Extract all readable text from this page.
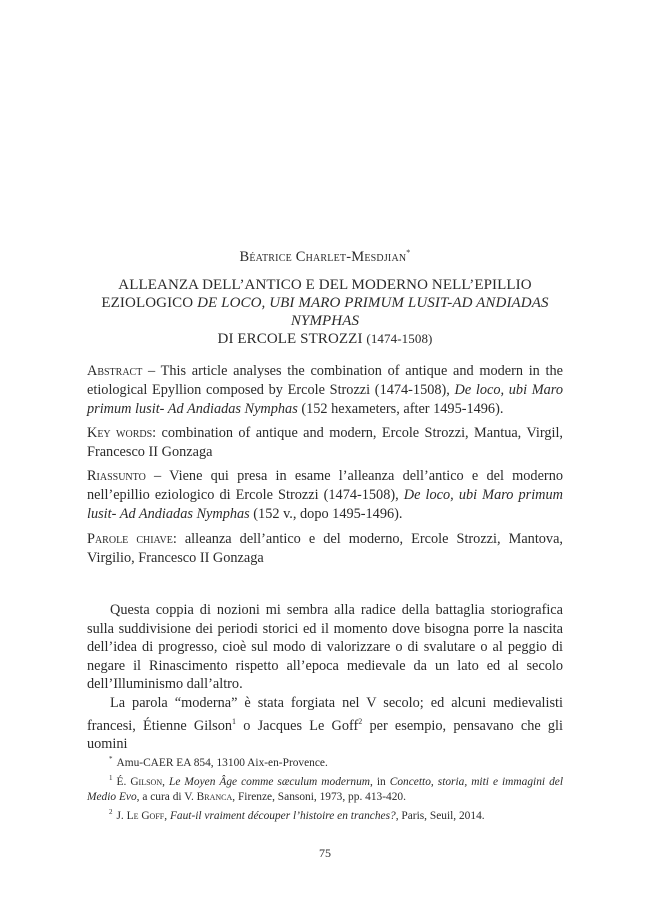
Béatrice Charlet-Mesdjian*
ALLEANZA DELL’ANTICO E DEL MODERNO NELL’EPILLIO
EZIOLOGICO DE LOCO, UBI MARO PRIMUM LUSIT-AD ANDIADAS NYMPHAS
DI ERCOLE STROZZI (1474-1508)
Abstract – This article analyses the combination of antique and modern in the etiological Epyllion composed by Ercole Strozzi (1474-1508), De loco, ubi Maro primum lusit- Ad Andiadas Nymphas (152 hexameters, after 1495-1496).
Key words: combination of antique and modern, Ercole Strozzi, Mantua, Virgil, Francesco II Gonzaga
Riassunto – Viene qui presa in esame l’alleanza dell’antico e del moderno nell’epillio eziologico di Ercole Strozzi (1474-1508), De loco, ubi Maro primum lusit- Ad Andiadas Nymphas (152 v., dopo 1495-1496).
Parole chiave: alleanza dell’antico e del moderno, Ercole Strozzi, Mantova, Virgilio, Francesco II Gonzaga

Questa coppia di nozioni mi sembra alla radice della battaglia storiografica sulla suddivisione dei periodi storici ed il momento dove bisogna porre la nascita dell’idea di progresso, cioè sul modo di valorizzare o di svalutare o al peggio di negare il Rinascimento rispetto all’epoca medievale da un lato ed al secolo dell’Illuminismo dall’altro.

La parola “moderna” è stata forgiata nel V secolo; ed alcuni medievalisti francesi, Étienne Gilson$^1$ o Jacques Le Goff$^2$ per esempio, pensavano che gli uomini

* Amu-CAER EA 854, 13100 Aix-en-Provence.

$^1$ É. Gilson, Le Moyen Âge comme sæculum modernum, in Concetto, storia, miti e immagini del Medio Evo, a cura di V. Branca, Firenze, Sansoni, 1973, pp. 413-420.

$^2$ J. Le Goff, Faut-il vraiment découper l’histoire en tranches?, Paris, Seuil, 2014.

75
